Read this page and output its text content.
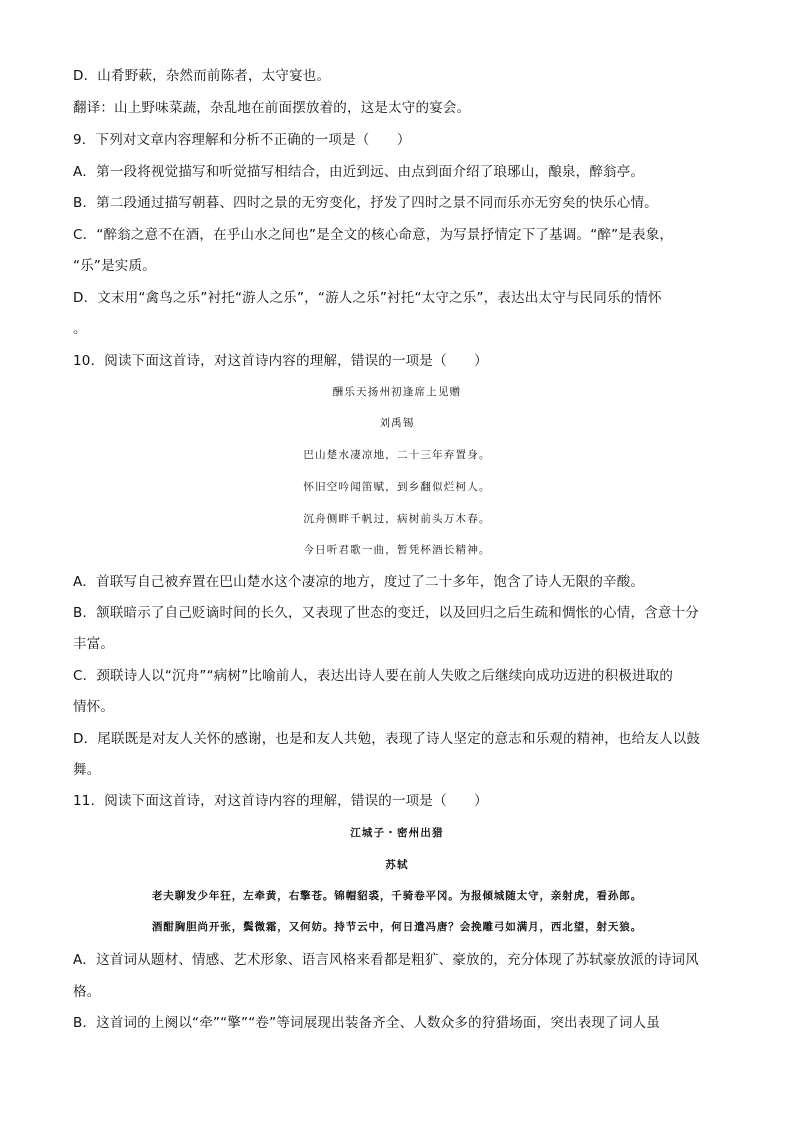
D．山肴野蔌，杂然而前陈者，太守宴也。
翻译：山上野味菜蔬，杂乱地在前面摆放着的，这是太守的宴会。
9．下列对文章内容理解和分析不正确的一项是（　　）
A．第一段将视觉描写和听觉描写相结合，由近到远、由点到面介绍了琅琊山，酿泉，醉翁亭。
B．第二段通过描写朝暮、四时之景的无穷变化，抒发了四时之景不同而乐亦无穷矣的快乐心情。
C．“醉翁之意不在酒，在乎山水之间也”是全文的核心命意，为写景抒情定下了基调。“醉”是表象，
“乐”是实质。
D．文末用“禽鸟之乐”衬托“游人之乐”，“游人之乐”衬托“太守之乐”，表达出太守与民同乐的情怀
。
10．阅读下面这首诗，对这首诗内容的理解，错误的一项是（　　）
酬乐天扬州初逢席上见赠
刘禹锡
巴山楚水凄凉地，二十三年弃置身。
怀旧空吟闻笛赋，到乡翻似烂柯人。
沉舟侧畔千帆过，病树前头万木春。
今日听君歌一曲，暂凭杯酒长精神。
A．首联写自己被弃置在巴山楚水这个凄凉的地方，度过了二十多年，饱含了诗人无限的辛酸。
B．颔联暗示了自己贬谪时间的长久，又表现了世态的变迁，以及回归之后生疏和惆怅的心情，含意十分
丰富。
C．颈联诗人以“沉舟”“病树”比喻前人，表达出诗人要在前人失败之后继续向成功迈进的积极进取的
情怀。
D．尾联既是对友人关怀的感谢，也是和友人共勉，表现了诗人坚定的意志和乐观的精神，也给友人以鼓
舞。
11．阅读下面这首诗，对这首诗内容的理解，错误的一项是（　　）
江城子・密州出猎
苏轼
老夫聊发少年狂，左牵黄，右擎苍。锦帽貂裘，千骑卷平冈。为报倾城随太守，亲射虎，看孙郎。
酒酣胸胆尚开张，鬓微霜，又何妨。持节云中，何日遣冯唐？会挽雕弓如满月，西北望，射天狼。
A．这首词从题材、情感、艺术形象、语言风格来看都是粗犷、豪放的，充分体现了苏轼豪放派的诗词风
格。
B．这首词的上阕以“牵”“擎”“卷”等词展现出装备齐全、人数众多的狩猎场面，突出表现了词人虽
